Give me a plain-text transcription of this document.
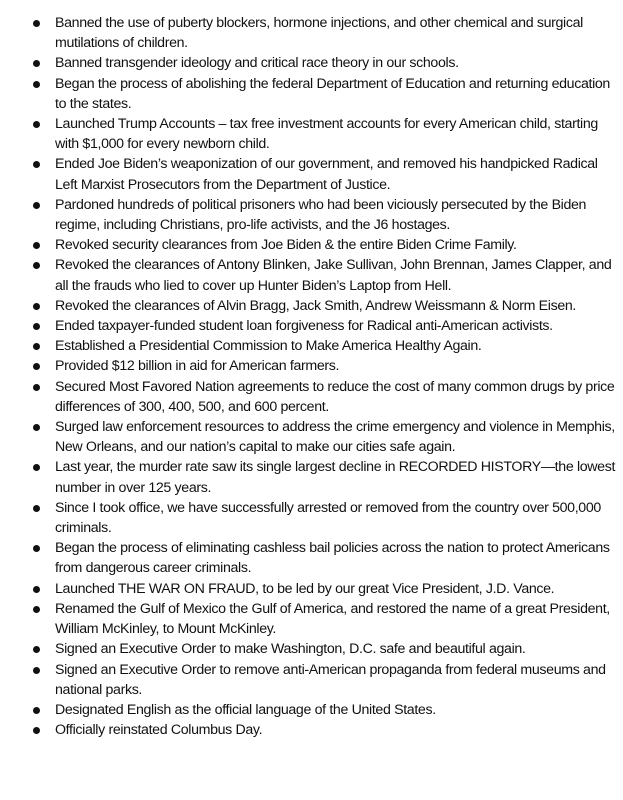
Banned the use of puberty blockers, hormone injections, and other chemical and surgical mutilations of children.
Banned transgender ideology and critical race theory in our schools.
Began the process of abolishing the federal Department of Education and returning education to the states.
Launched Trump Accounts – tax free investment accounts for every American child, starting with $1,000 for every newborn child.
Ended Joe Biden’s weaponization of our government, and removed his handpicked Radical Left Marxist Prosecutors from the Department of Justice.
Pardoned hundreds of political prisoners who had been viciously persecuted by the Biden regime, including Christians, pro-life activists, and the J6 hostages.
Revoked security clearances from Joe Biden & the entire Biden Crime Family.
Revoked the clearances of Antony Blinken, Jake Sullivan, John Brennan, James Clapper, and all the frauds who lied to cover up Hunter Biden’s Laptop from Hell.
Revoked the clearances of Alvin Bragg, Jack Smith, Andrew Weissmann & Norm Eisen.
Ended taxpayer-funded student loan forgiveness for Radical anti-American activists.
Established a Presidential Commission to Make America Healthy Again.
Provided $12 billion in aid for American farmers.
Secured Most Favored Nation agreements to reduce the cost of many common drugs by price differences of 300, 400, 500, and 600 percent.
Surged law enforcement resources to address the crime emergency and violence in Memphis, New Orleans, and our nation’s capital to make our cities safe again.
Last year, the murder rate saw its single largest decline in RECORDED HISTORY—the lowest number in over 125 years.
Since I took office, we have successfully arrested or removed from the country over 500,000 criminals.
Began the process of eliminating cashless bail policies across the nation to protect Americans from dangerous career criminals.
Launched THE WAR ON FRAUD, to be led by our great Vice President, J.D. Vance.
Renamed the Gulf of Mexico the Gulf of America, and restored the name of a great President, William McKinley, to Mount McKinley.
Signed an Executive Order to make Washington, D.C. safe and beautiful again.
Signed an Executive Order to remove anti-American propaganda from federal museums and national parks.
Designated English as the official language of the United States.
Officially reinstated Columbus Day.
